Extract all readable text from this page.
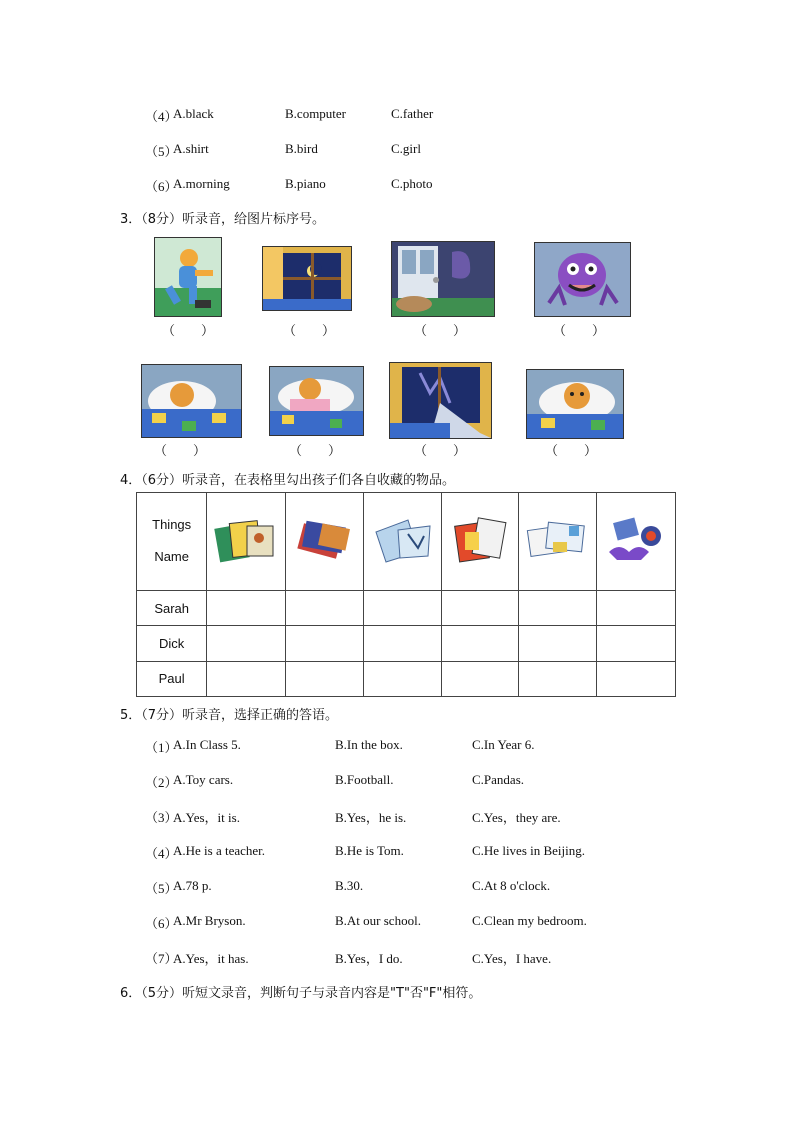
（4）
A.black	B.computer	C.father
（5）
A.shirt	B.bird	C.girl
（6）
A.morning	B.piano	C.photo
3．（8分）听录音，给图片标序号。
（　　）	（　　）	（　　）	（　　）
（　　）	（　　）	（　　）	（　　）
4．（6分）听录音，在表格里勾出孩子们各自收藏的物品。
Things
Name

Sarah						
Dick						
Paul						
5．（7分）听录音，选择正确的答语。
（1）
A.In Class 5.	B.In the box.	C.In Year 6.
（2）
A.Toy cars.	B.Football.	C.Pandas.
（3）
A.Yes，it is.	B.Yes，he is.	C.Yes，they are.
（4）
A.He is a teacher.	B.He is Tom.	C.He lives in Beijing.
（5）
A.78 p.	B.30.	C.At 8 o'clock.
（6）
A.Mr Bryson.	B.At our school.	C.Clean my bedroom.
（7）
A.Yes，it has.	B.Yes，I do.	C.Yes，I have.
6．（5分）听短文录音，判断句子与录音内容是"T"否"F"相符。
